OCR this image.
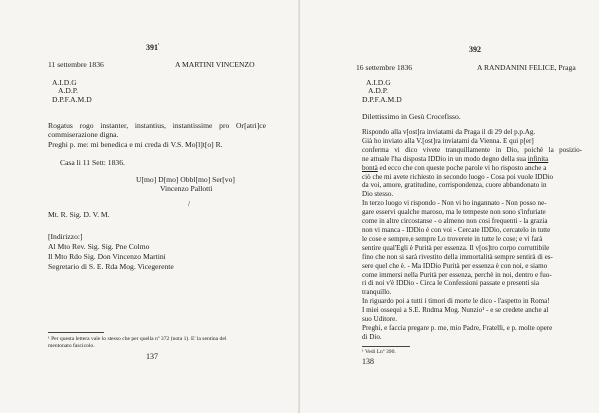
$391^{^1}$
11 settembre 1836	A MARTINI VINCENZO
A.I.D.G
A.D.P.
D.P.F.A.M.D
Rogatus rogo instanter, instantius, instantissime pro Or[atri]ce
commiserazione digna.
Preghi p. me: mi benedica e mi creda di V.S. Mo[l]t[o] R.
Casa li 11 Sett: 1836.
U[mo] D[mo] Obbl[mo] Ser[vo]
Vincenzo Pallotti
/
Mt. R. Sig. D. V. M.
[Indirizzo:]
Al Mto Rev. Sig. Sig. Pne Colmo
Il Mto Rdo Sig. Don Vincenzo Martini
Segretario di S. E. Rda Mog. Vicegerente
¹ Per questa lettera vale lo stesso che per quella nº 372 (nota 1). E' la sentina del
mentonato fascicolo.
137
392
16 settembre 1836	A RANDANINI FELICE, Praga
A.I.D.G
A.D.P.
D.P.F.A.M.D
Dilettissimo in Gesù Crocefisso.
Rispondo alla v[ost]ra inviatami da Praga il di 29 del p.p.Ag.
Già ho inviato alla V.[ost]ra inviatami da Vienna. E qui p[er]
conferma vi dico vivete tranquillamente in Dio, poichè la posizio-
ne attuale l'ha disposta IDDio in un modo degno della sua infinita
bontà ed ecco che con queste poche parole vi ho risposto anche a
ciò che mi avete richiesto in secondo luogo - Cosa poi vuole IDDio
da voi, amore, gratitudine, corrispondenza, cuore abbandonato in
Dio stesso.
In terzo luogo vi rispondo - Non vi ho ingannato - Non posso ne-
gare esservi qualche maroso, ma le tempeste non sono s'infuriate
come in altre circostanse - o almeno non cosi frequenti - la grazia
non vi manca - IDDio è con voi - Cercate IDDio, cercatelo in tutte
le cose e sempre,e sempre Lo troverete in tutte le cose; e vi farà
sentire qual'Egli è Purità per essenza. Il v[os]tro corpo corruttibile
fino che non si sarà rivestito della immortalità sempre sentirà di es-
sere quel che è. - Ma IDDio Purità per essenza è con noi, e siamo
come immersi nella Purità per essenza, perchè in noi, dentro e fuo-
ri di noi v'è IDDio - Circa le Confessioni passate e presenti sia
tranquillo.
In riguardo poi a tutti i timori di morte le dico - l'aspetto in Roma!
I miei ossequi a S.E. Rndma Mog. Nunzio¹ - e se credete anche al
suo Uditore.
Preghi, e faccia pregare p. me, mio Padre, Fratelli, e p. molte opere
di Dio.
¹ Vedi Lnº 390.
138
